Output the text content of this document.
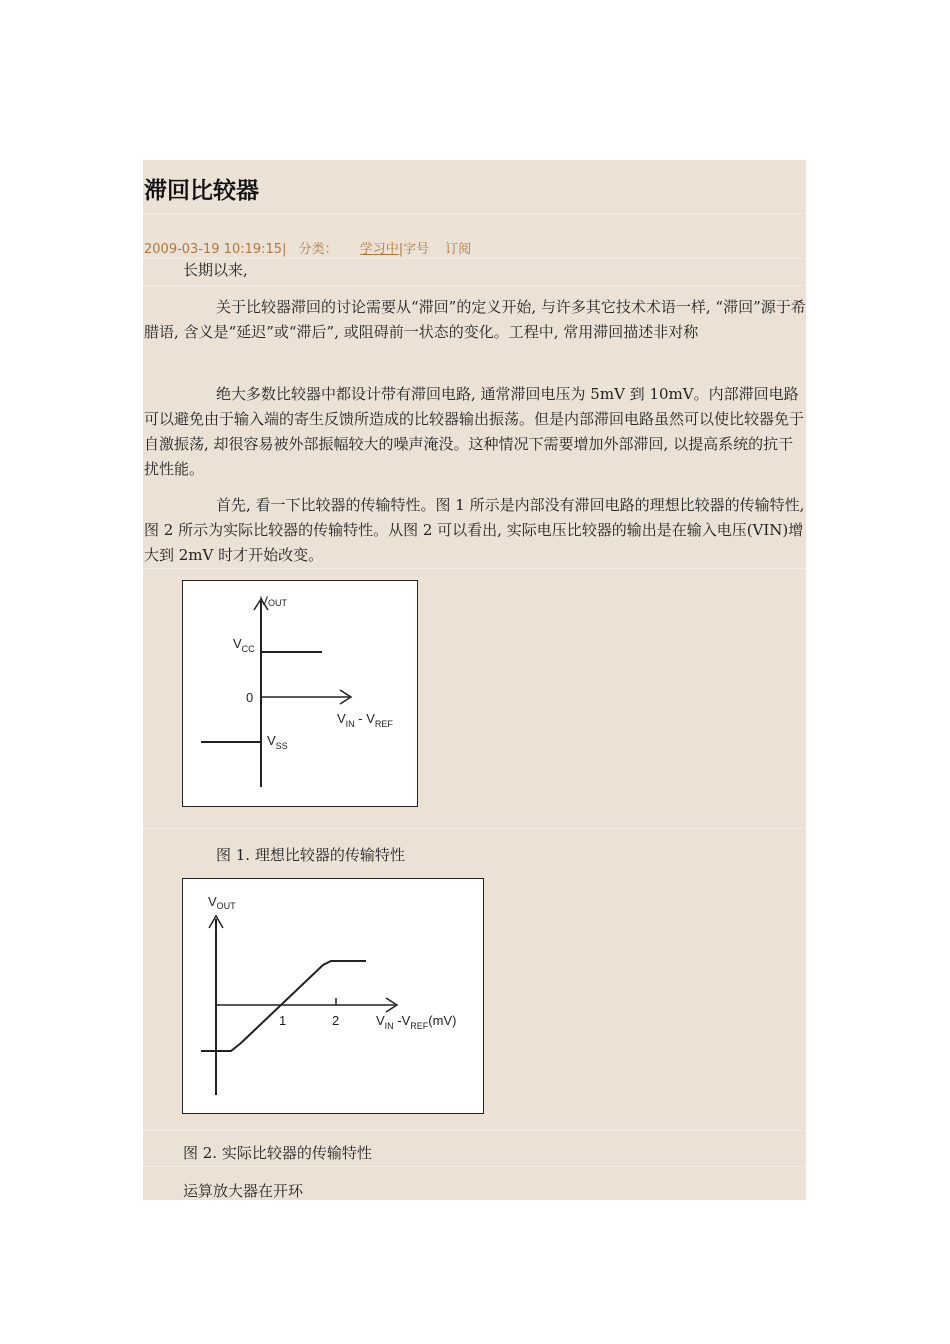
滞回比较器
2009-03-19 10:19:15| 分类： 学习中|字号 订阅

长期以来,

关于比较器滞回的讨论需要从“滞回”的定义开始, 与许多其它技术术语一样, “滞回”源于希腊语, 含义是“延迟”或“滞后”, 或阻碍前一状态的变化。工程中, 常用滞回描述非对称

绝大多数比较器中都设计带有滞回电路, 通常滞回电压为 5mV 到 10mV。内部滞回电路可以避免由于输入端的寄生反馈所造成的比较器输出振荡。但是内部滞回电路虽然可以使比较器免于自激振荡, 却很容易被外部振幅较大的噪声淹没。这种情况下需要增加外部滞回, 以提高系统的抗干扰性能。

首先, 看一下比较器的传输特性。图 1 所示是内部没有滞回电路的理想比较器的传输特性, 图 2 所示为实际比较器的传输特性。从图 2 可以看出, 实际电压比较器的输出是在输入电压(VIN)增大到 2mV 时才开始改变。

VOUT
$V_{CC}$
0
$V_{IN} - V_{REF}$
$V_{SS}$

图 1. 理想比较器的传输特性

$V_{OUT}$
1	2	$V_{IN}$ $-V_{REF}(mV)$

图 2. 实际比较器的传输特性

运算放大器在开环
